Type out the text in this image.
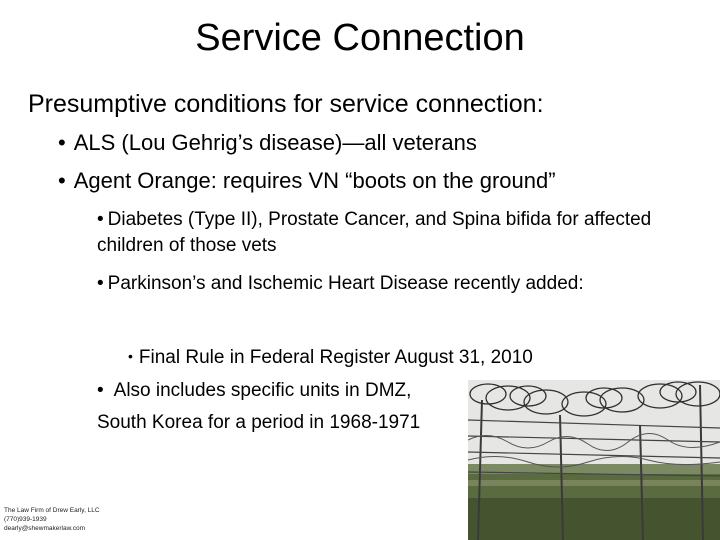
Service Connection
Presumptive conditions for service connection:
• ALS (Lou Gehrig’s disease)—all veterans
• Agent Orange: requires VN “boots on the ground”
• Diabetes (Type II), Prostate Cancer, and Spina bifida for affected children of those vets
• Parkinson’s and Ischemic Heart Disease recently added:
• Final Rule in Federal Register August 31, 2010
• Also includes specific units in DMZ,
South Korea for a period in 1968-1971
The Law Firm of Drew Early, LLC
(770)939-1939
dearly@shewmakerlaw.com
